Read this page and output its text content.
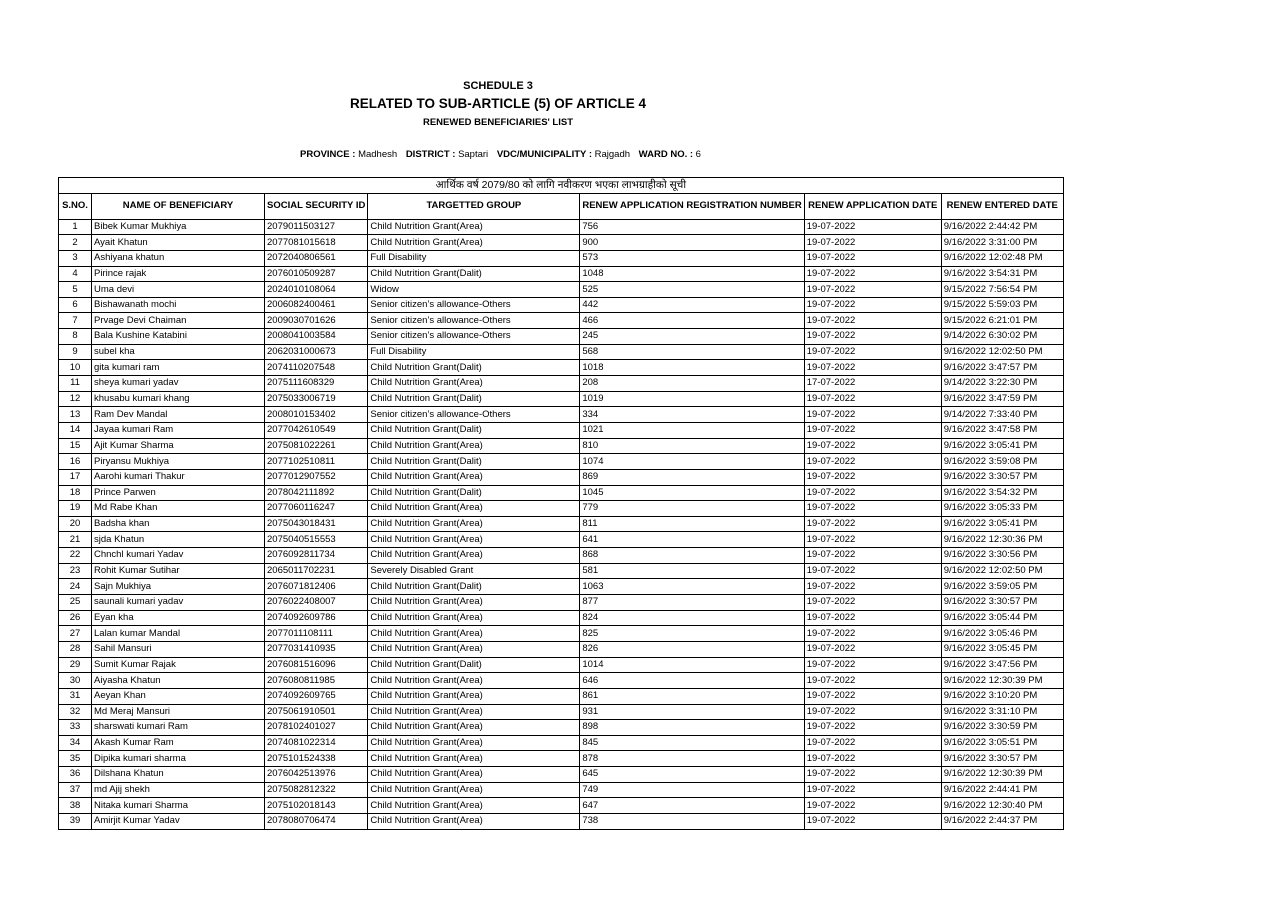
SCHEDULE 3
RELATED TO SUB-ARTICLE (5) OF ARTICLE 4
RENEWED BENEFICIARIES' LIST
PROVINCE : Madhesh DISTRICT : Saptari VDC/MUNICIPALITY : Rajgadh WARD NO. : 6
आर्थिक वर्ष 2079/80 को लागि नवीकरण भएका लाभग्राहीको सूची						
S.NO.	NAME OF BENEFICIARY	SOCIAL SECURITY ID	TARGETTED GROUP	RENEW APPLICATION REGISTRATION NUMBER	RENEW APPLICATION DATE	RENEW ENTERED DATE
1	Bibek Kumar Mukhiya	2079011503127	Child Nutrition Grant(Area)	756	19-07-2022	9/16/2022 2:44:42 PM
2	Ayait Khatun	2077081015618	Child Nutrition Grant(Area)	900	19-07-2022	9/16/2022 3:31:00 PM
3	Ashiyana khatun	2072040806561	Full Disability	573	19-07-2022	9/16/2022 12:02:48 PM
4	Pirince rajak	2076010509287	Child Nutrition Grant(Dalit)	1048	19-07-2022	9/16/2022 3:54:31 PM
5	Uma devi	2024010108064	Widow	525	19-07-2022	9/15/2022 7:56:54 PM
6	Bishawanath mochi	2006082400461	Senior citizen’s allowance-Others	442	19-07-2022	9/15/2022 5:59:03 PM
7	Prvage Devi Chaiman	2009030701626	Senior citizen’s allowance-Others	466	19-07-2022	9/15/2022 6:21:01 PM
8	Bala Kushine Katabini	2008041003584	Senior citizen’s allowance-Others	245	19-07-2022	9/14/2022 6:30:02 PM
9	subel kha	2062031000673	Full Disability	568	19-07-2022	9/16/2022 12:02:50 PM
10	gita kumari ram	2074110207548	Child Nutrition Grant(Dalit)	1018	19-07-2022	9/16/2022 3:47:57 PM
11	sheya kumari yadav	2075111608329	Child Nutrition Grant(Area)	208	17-07-2022	9/14/2022 3:22:30 PM
12	khusabu kumari khang	2075033006719	Child Nutrition Grant(Dalit)	1019	19-07-2022	9/16/2022 3:47:59 PM
13	Ram Dev Mandal	2008010153402	Senior citizen’s allowance-Others	334	19-07-2022	9/14/2022 7:33:40 PM
14	Jayaa kumari Ram	2077042610549	Child Nutrition Grant(Dalit)	1021	19-07-2022	9/16/2022 3:47:58 PM
15	Ajit Kumar Sharma	2075081022261	Child Nutrition Grant(Area)	810	19-07-2022	9/16/2022 3:05:41 PM
16	Piryansu Mukhiya	2077102510811	Child Nutrition Grant(Dalit)	1074	19-07-2022	9/16/2022 3:59:08 PM
17	Aarohi kumari Thakur	2077012907552	Child Nutrition Grant(Area)	869	19-07-2022	9/16/2022 3:30:57 PM
18	Prince Parwen	2078042111892	Child Nutrition Grant(Dalit)	1045	19-07-2022	9/16/2022 3:54:32 PM
19	Md Rabe Khan	2077060116247	Child Nutrition Grant(Area)	779	19-07-2022	9/16/2022 3:05:33 PM
20	Badsha khan	2075043018431	Child Nutrition Grant(Area)	811	19-07-2022	9/16/2022 3:05:41 PM
21	sjda Khatun	2075040515553	Child Nutrition Grant(Area)	641	19-07-2022	9/16/2022 12:30:36 PM
22	Chnchl kumari Yadav	2076092811734	Child Nutrition Grant(Area)	868	19-07-2022	9/16/2022 3:30:56 PM
23	Rohit Kumar Sutihar	2065011702231	Severely Disabled Grant	581	19-07-2022	9/16/2022 12:02:50 PM
24	Sajn Mukhiya	2076071812406	Child Nutrition Grant(Dalit)	1063	19-07-2022	9/16/2022 3:59:05 PM
25	saunali kumari yadav	2076022408007	Child Nutrition Grant(Area)	877	19-07-2022	9/16/2022 3:30:57 PM
26	Eyan kha	2074092609786	Child Nutrition Grant(Area)	824	19-07-2022	9/16/2022 3:05:44 PM
27	Lalan kumar Mandal	2077011108111	Child Nutrition Grant(Area)	825	19-07-2022	9/16/2022 3:05:46 PM
28	Sahil Mansuri	2077031410935	Child Nutrition Grant(Area)	826	19-07-2022	9/16/2022 3:05:45 PM
29	Sumit Kumar Rajak	2076081516096	Child Nutrition Grant(Dalit)	1014	19-07-2022	9/16/2022 3:47:56 PM
30	Aiyasha Khatun	2076080811985	Child Nutrition Grant(Area)	646	19-07-2022	9/16/2022 12:30:39 PM
31	Aeyan Khan	2074092609765	Child Nutrition Grant(Area)	861	19-07-2022	9/16/2022 3:10:20 PM
32	Md Meraj Mansuri	2075061910501	Child Nutrition Grant(Area)	931	19-07-2022	9/16/2022 3:31:10 PM
33	sharswati kumari Ram	2078102401027	Child Nutrition Grant(Area)	898	19-07-2022	9/16/2022 3:30:59 PM
34	Akash Kumar Ram	2074081022314	Child Nutrition Grant(Area)	845	19-07-2022	9/16/2022 3:05:51 PM
35	Dipika kumari sharma	2075101524338	Child Nutrition Grant(Area)	878	19-07-2022	9/16/2022 3:30:57 PM
36	Dilshana Khatun	2076042513976	Child Nutrition Grant(Area)	645	19-07-2022	9/16/2022 12:30:39 PM
37	md Ajij shekh	2075082812322	Child Nutrition Grant(Area)	749	19-07-2022	9/16/2022 2:44:41 PM
38	Nitaka kumari Sharma	2075102018143	Child Nutrition Grant(Area)	647	19-07-2022	9/16/2022 12:30:40 PM
39	Amirjit Kumar Yadav	2078080706474	Child Nutrition Grant(Area)	738	19-07-2022	9/16/2022 2:44:37 PM
